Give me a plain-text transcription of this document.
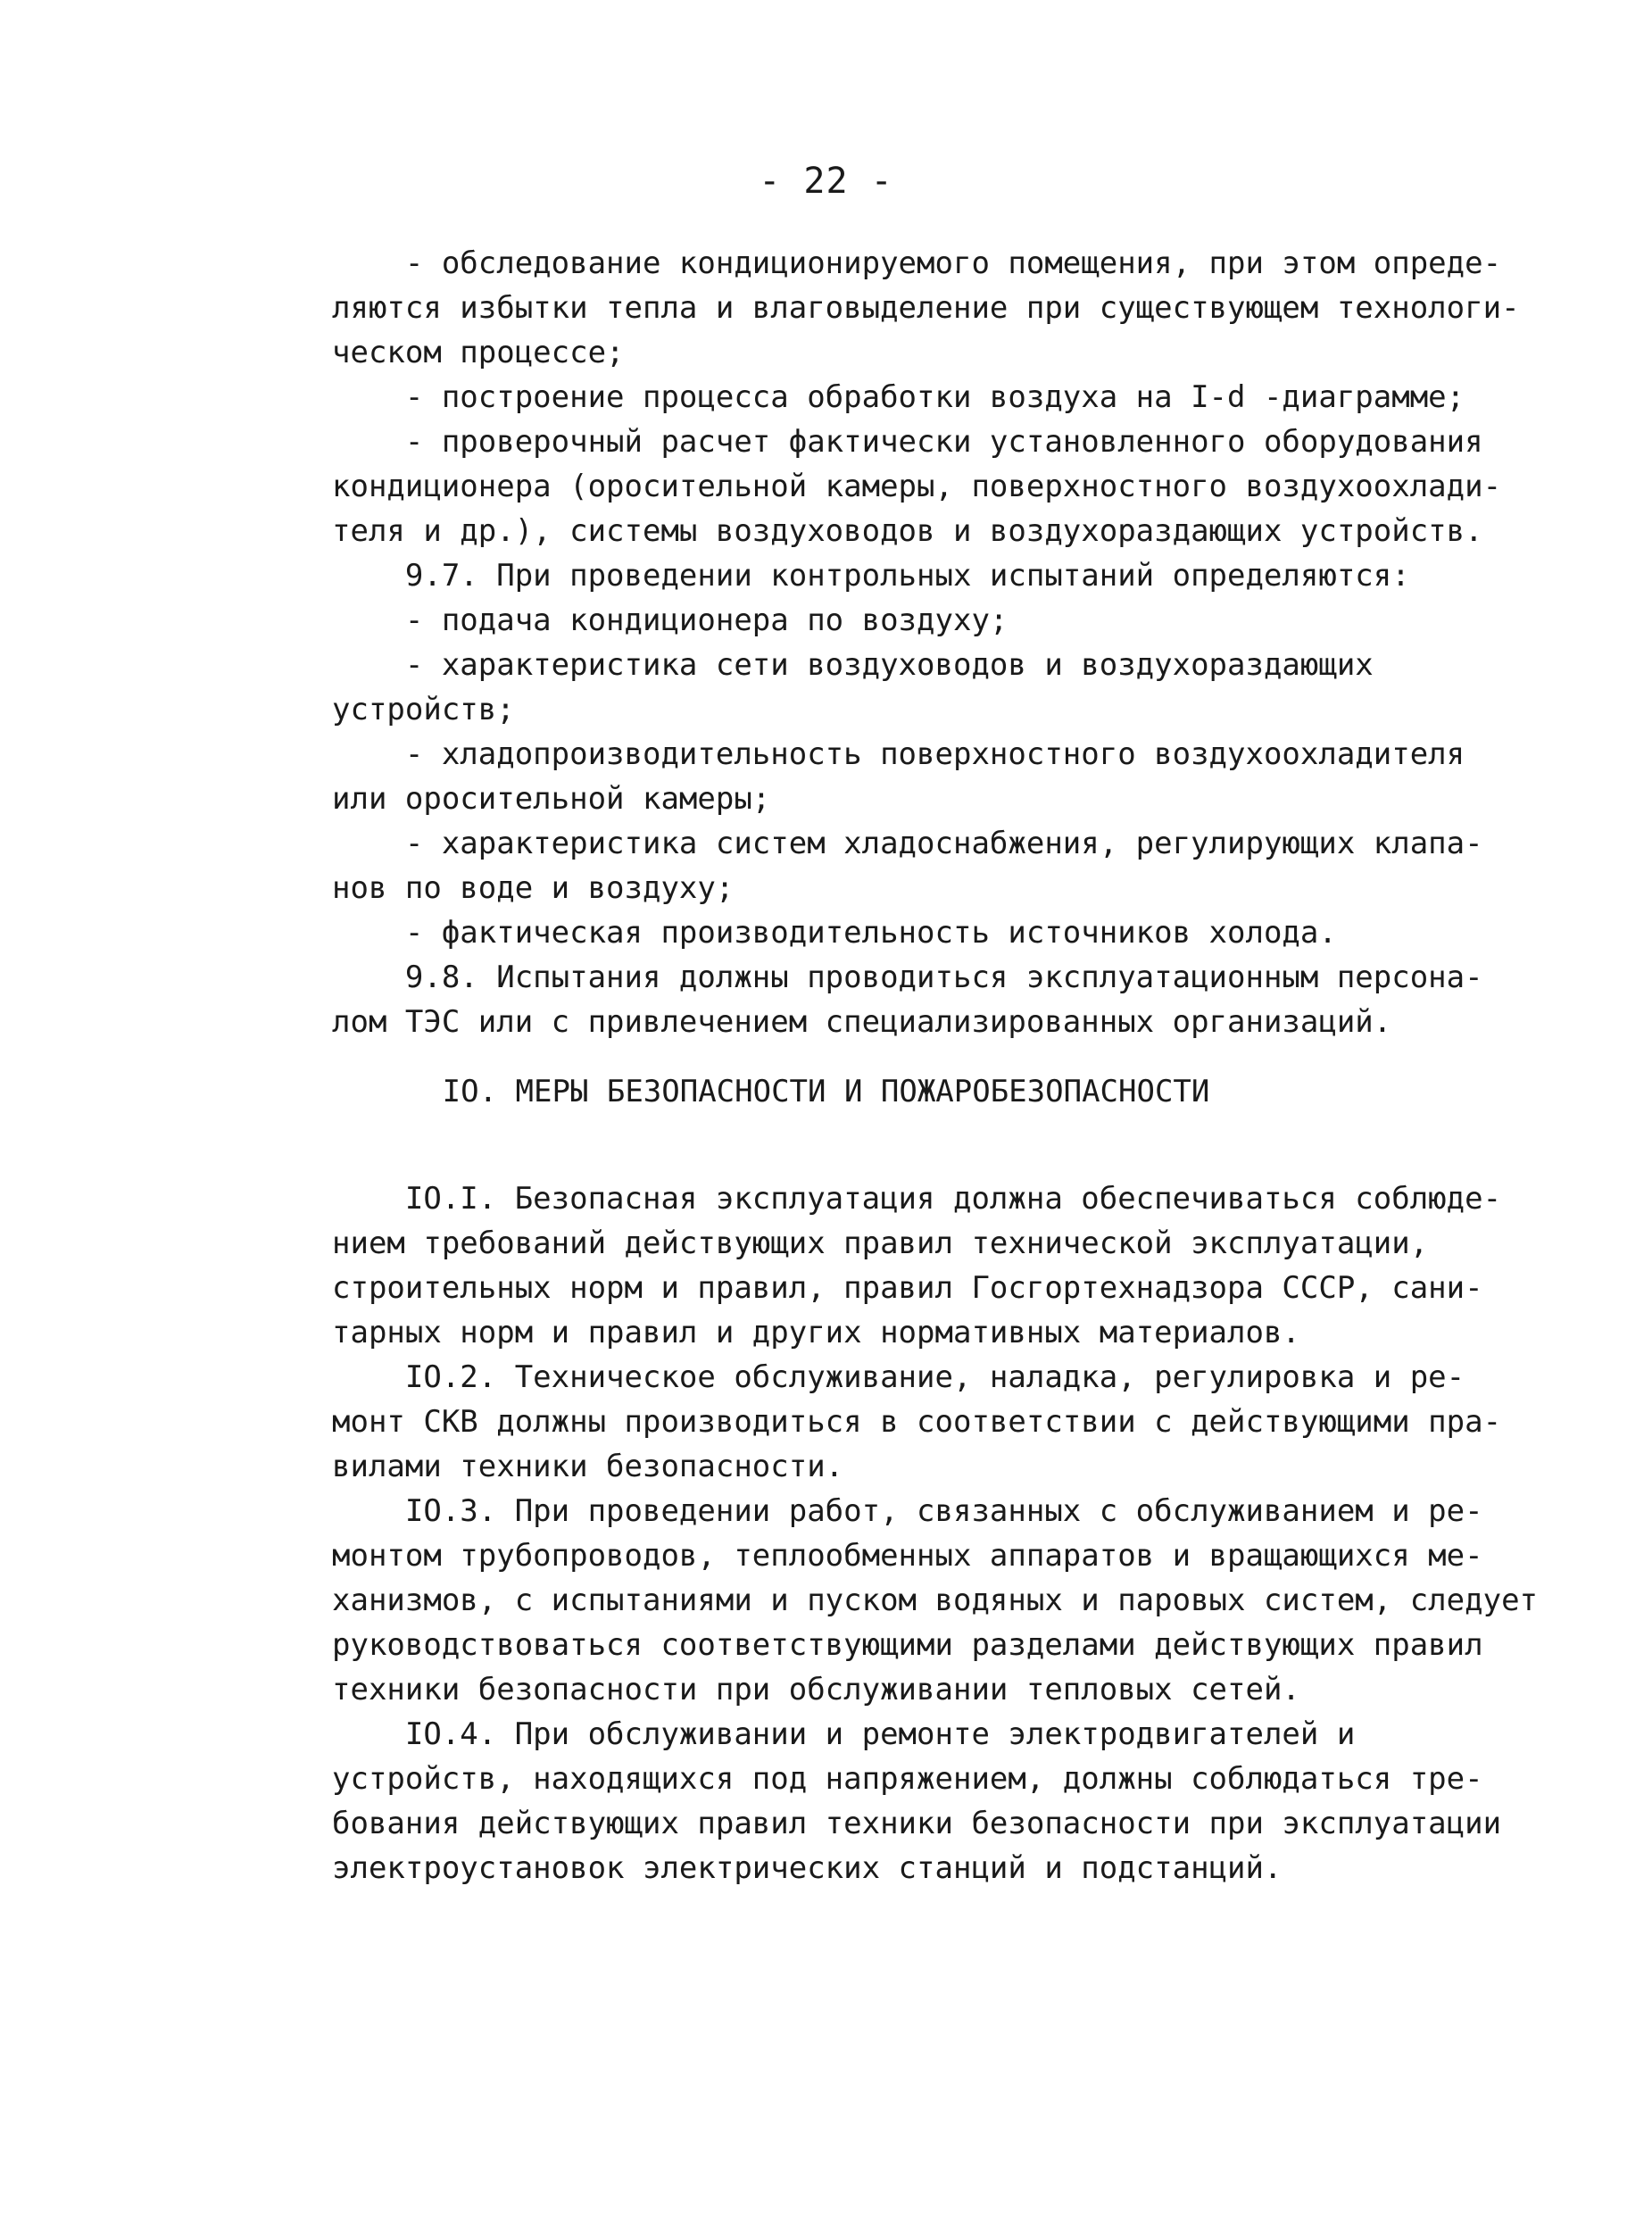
- 22 -
- обследование кондиционируемого помещения, при этом опреде-
ляются избытки тепла и влаговыделение при существующем технологи-
ческом процессе;
- построение процесса обработки воздуха на I-d -диаграмме;
- проверочный расчет фактически установленного оборудования
кондиционера (оросительной камеры, поверхностного воздухоохлади-
теля и др.), системы воздуховодов и воздухораздающих устройств.
9.7. При проведении контрольных испытаний определяются:
- подача кондиционера по воздуху;
- характеристика сети воздуховодов и воздухораздающих
устройств;
- хладопроизводительность поверхностного воздухоохладителя
или оросительной камеры;
- характеристика систем хладоснабжения, регулирующих клапа-
нов по воде и воздуху;
- фактическая производительность источников холода.
9.8. Испытания должны проводиться эксплуатационным персона-
лом ТЭС или с привлечением специализированных организаций.
IO. МЕРЫ БЕЗОПАСНОСТИ И ПОЖАРОБЕЗОПАСНОСТИ
IO.I. Безопасная эксплуатация должна обеспечиваться соблюде-
нием требований действующих правил технической эксплуатации,
строительных норм и правил, правил Госгортехнадзора СССР, сани-
тарных норм и правил и других нормативных материалов.
IO.2. Техническое обслуживание, наладка, регулировка и ре-
монт СКВ должны производиться в соответствии с действующими пра-
вилами техники безопасности.
IO.3. При проведении работ, связанных с обслуживанием и ре-
монтом трубопроводов, теплообменных аппаратов и вращающихся ме-
ханизмов, с испытаниями и пуском водяных и паровых систем, следует
руководствоваться соответствующими разделами действующих правил
техники безопасности при обслуживании тепловых сетей.
IO.4. При обслуживании и ремонте электродвигателей и
устройств, находящихся под напряжением, должны соблюдаться тре-
бования действующих правил техники безопасности при эксплуатации
электроустановок электрических станций и подстанций.
